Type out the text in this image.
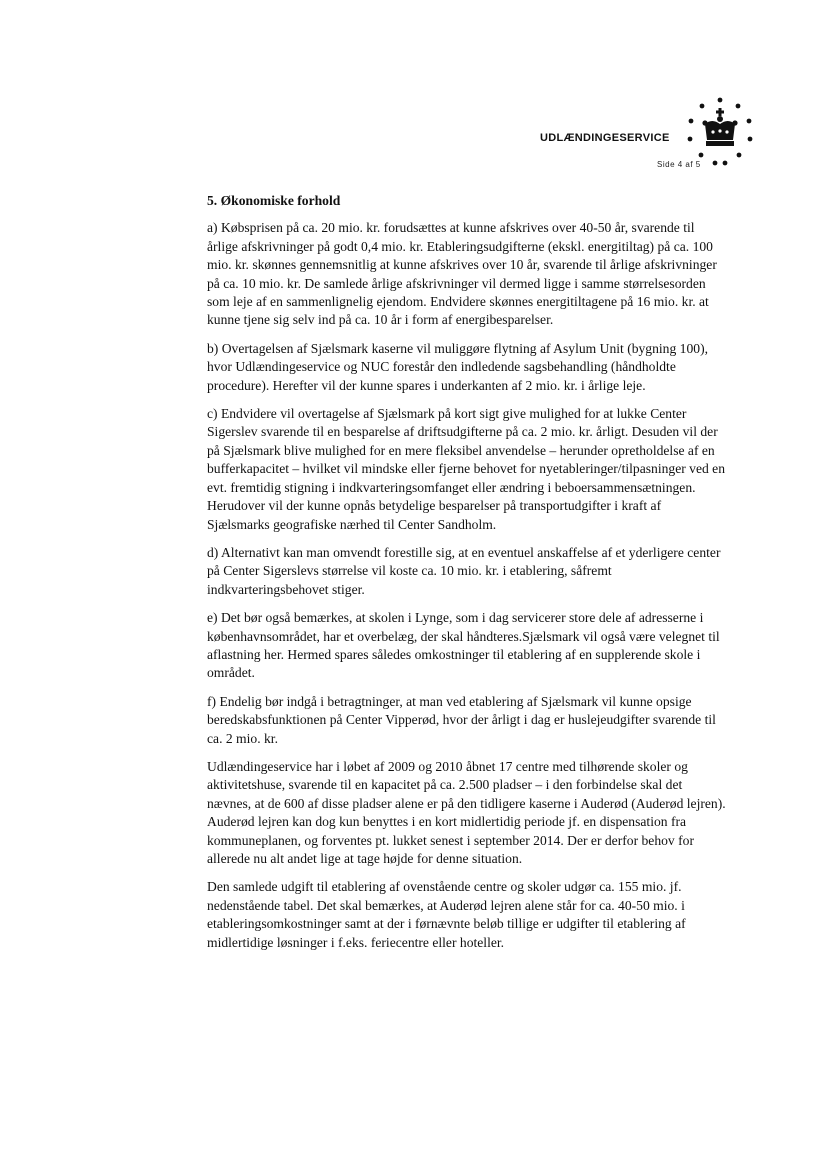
UDLÆNDINGESERVICE
Side 4 af 5
5. Økonomiske forhold

a) Købsprisen på ca. 20 mio. kr. forudsættes at kunne afskrives over 40-50 år, svarende til årlige afskrivninger på godt 0,4 mio. kr. Etableringsudgifterne (ekskl. energitiltag) på ca. 100 mio. kr. skønnes gennemsnitlig at kunne afskrives over 10 år, svarende til årlige afskrivninger på ca. 10 mio. kr. De samlede årlige afskrivninger vil dermed ligge i samme størrelsesorden som leje af en sammenlignelig ejendom. Endvidere skønnes energitiltagene på 16 mio. kr. at kunne tjene sig selv ind på ca. 10 år i form af energibesparelser.

b) Overtagelsen af Sjælsmark kaserne vil muliggøre flytning af Asylum Unit (bygning 100), hvor Udlændingeservice og NUC forestår den indledende sagsbehandling (håndholdte procedure). Herefter vil der kunne spares i underkanten af 2 mio. kr. i årlige leje.

c) Endvidere vil overtagelse af Sjælsmark på kort sigt give mulighed for at lukke Center Sigerslev svarende til en besparelse af driftsudgifterne på ca. 2 mio. kr. årligt. Desuden vil der på Sjælsmark blive mulighed for en mere fleksibel anvendelse – herunder opretholdelse af en bufferkapacitet – hvilket vil mindske eller fjerne behovet for nyetableringer/tilpasninger ved en evt. fremtidig stigning i indkvarteringsomfanget eller ændring i beboersammensætningen. Herudover vil der kunne opnås betydelige besparelser på transportudgifter i kraft af Sjælsmarks geografiske nærhed til Center Sandholm.

d) Alternativt kan man omvendt forestille sig, at en eventuel anskaffelse af et yderligere center på Center Sigerslevs størrelse vil koste ca. 10 mio. kr. i etablering, såfremt indkvarteringsbehovet stiger.

e) Det bør også bemærkes, at skolen i Lynge, som i dag servicerer store dele af adresserne i københavnsområdet, har et overbelæg, der skal håndteres.Sjælsmark vil også være velegnet til aflastning her. Hermed spares således omkostninger til etablering af en supplerende skole i området.

f) Endelig bør indgå i betragtninger, at man ved etablering af Sjælsmark vil kunne opsige beredskabsfunktionen på Center Vipperød, hvor der årligt i dag er huslejeudgifter svarende til ca. 2 mio. kr.

Udlændingeservice har i løbet af 2009 og 2010 åbnet 17 centre med tilhørende skoler og aktivitetshuse, svarende til en kapacitet på ca. 2.500 pladser – i den forbindelse skal det nævnes, at de 600 af disse pladser alene er på den tidligere kaserne i Auderød (Auderød lejren). Auderød lejren kan dog kun benyttes i en kort midlertidig periode jf. en dispensation fra kommuneplanen, og forventes pt. lukket senest i september 2014. Der er derfor behov for allerede nu alt andet lige at tage højde for denne situation.

Den samlede udgift til etablering af ovenstående centre og skoler udgør ca. 155 mio. jf. nedenstående tabel. Det skal bemærkes, at Auderød lejren alene står for ca. 40-50 mio. i etableringsomkostninger samt at der i førnævnte beløb tillige er udgifter til etablering af midlertidige løsninger i f.eks. feriecentre eller hoteller.
